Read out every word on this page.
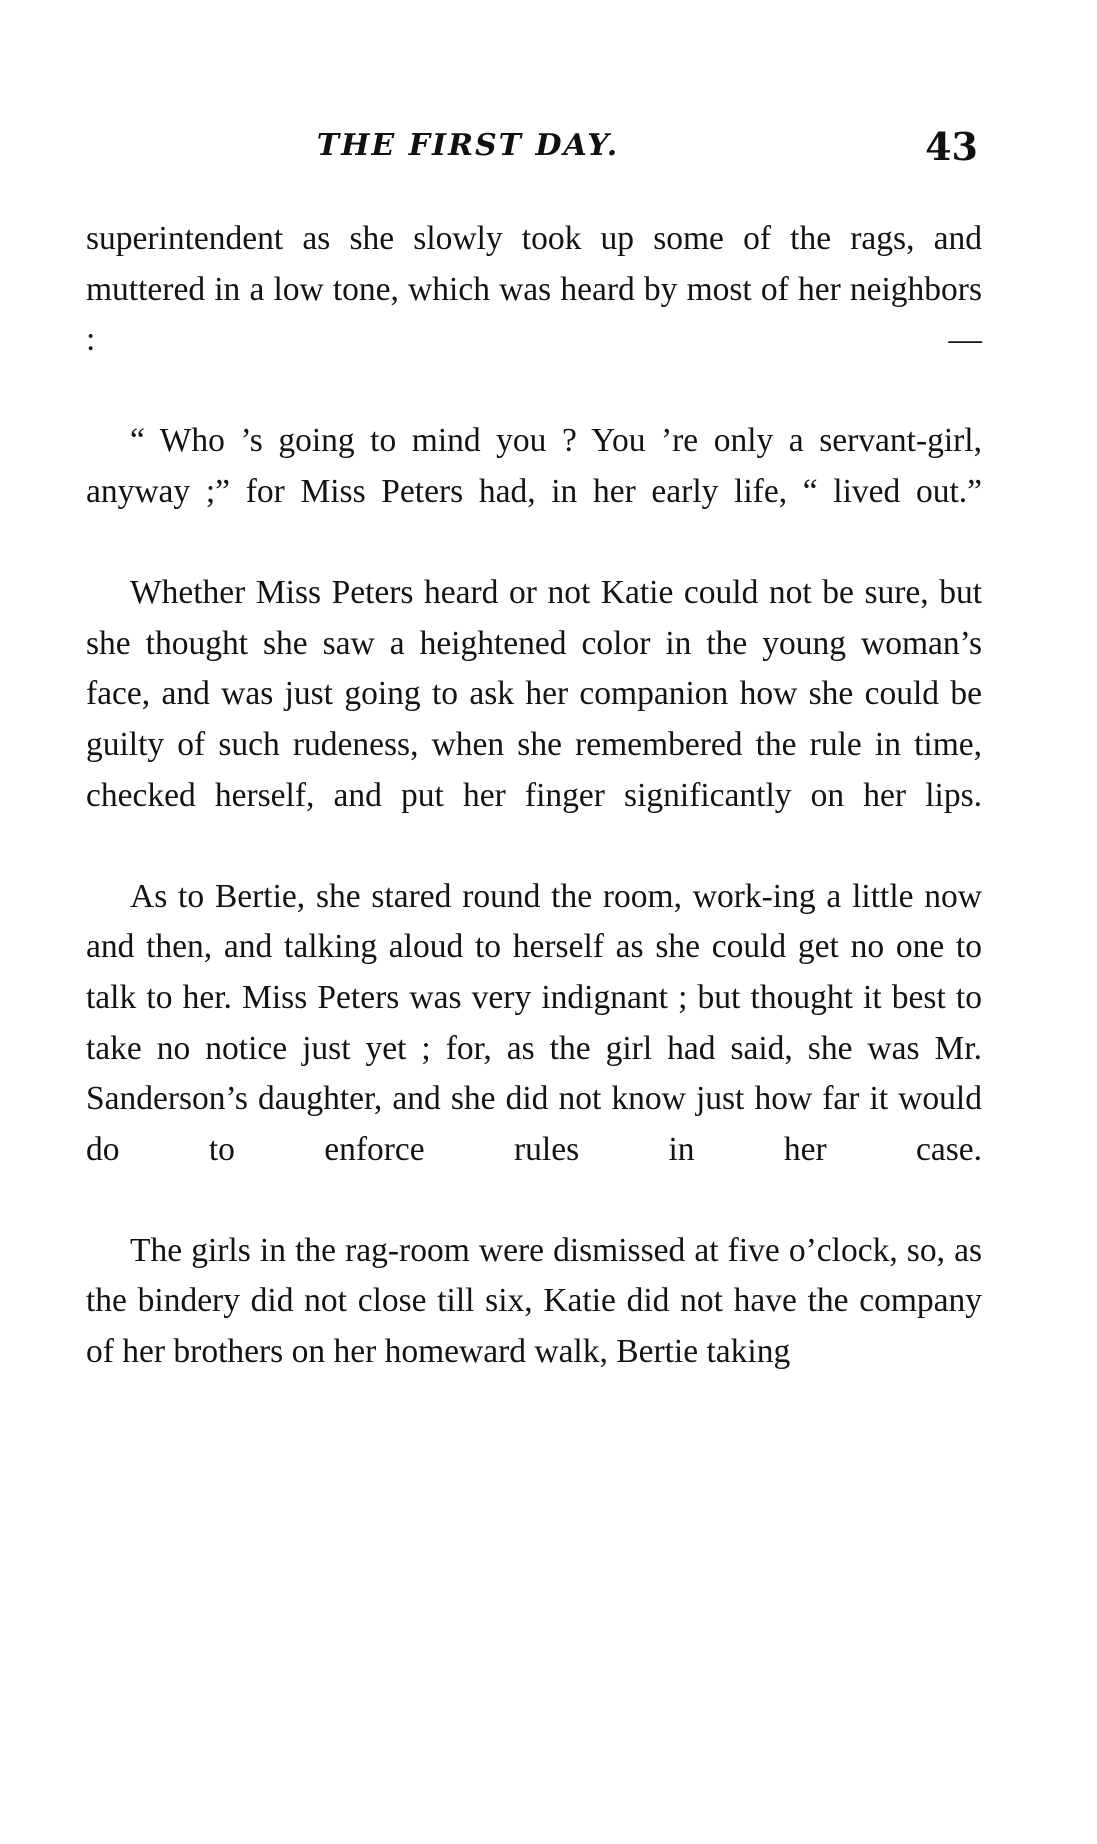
THE FIRST DAY.	43

superintendent as she slowly took up some of the rags, and muttered in a low tone, which was heard by most of her neighbors : —

“ Who ’s going to mind you ? You ’re only a servant-girl, anyway ;” for Miss Peters had, in her early life, “ lived out.”

Whether Miss Peters heard or not Katie could not be sure, but she thought she saw a heightened color in the young woman’s face, and was just going to ask her companion how she could be guilty of such rudeness, when she remembered the rule in time, checked herself, and put her finger significantly on her lips.

As to Bertie, she stared round the room, work-ing a little now and then, and talking aloud to herself as she could get no one to talk to her. Miss Peters was very indignant ; but thought it best to take no notice just yet ; for, as the girl had said, she was Mr. Sanderson’s daughter, and she did not know just how far it would do to enforce rules in her case.

The girls in the rag-room were dismissed at five o’clock, so, as the bindery did not close till six, Katie did not have the company of her brothers on her homeward walk, Bertie taking
